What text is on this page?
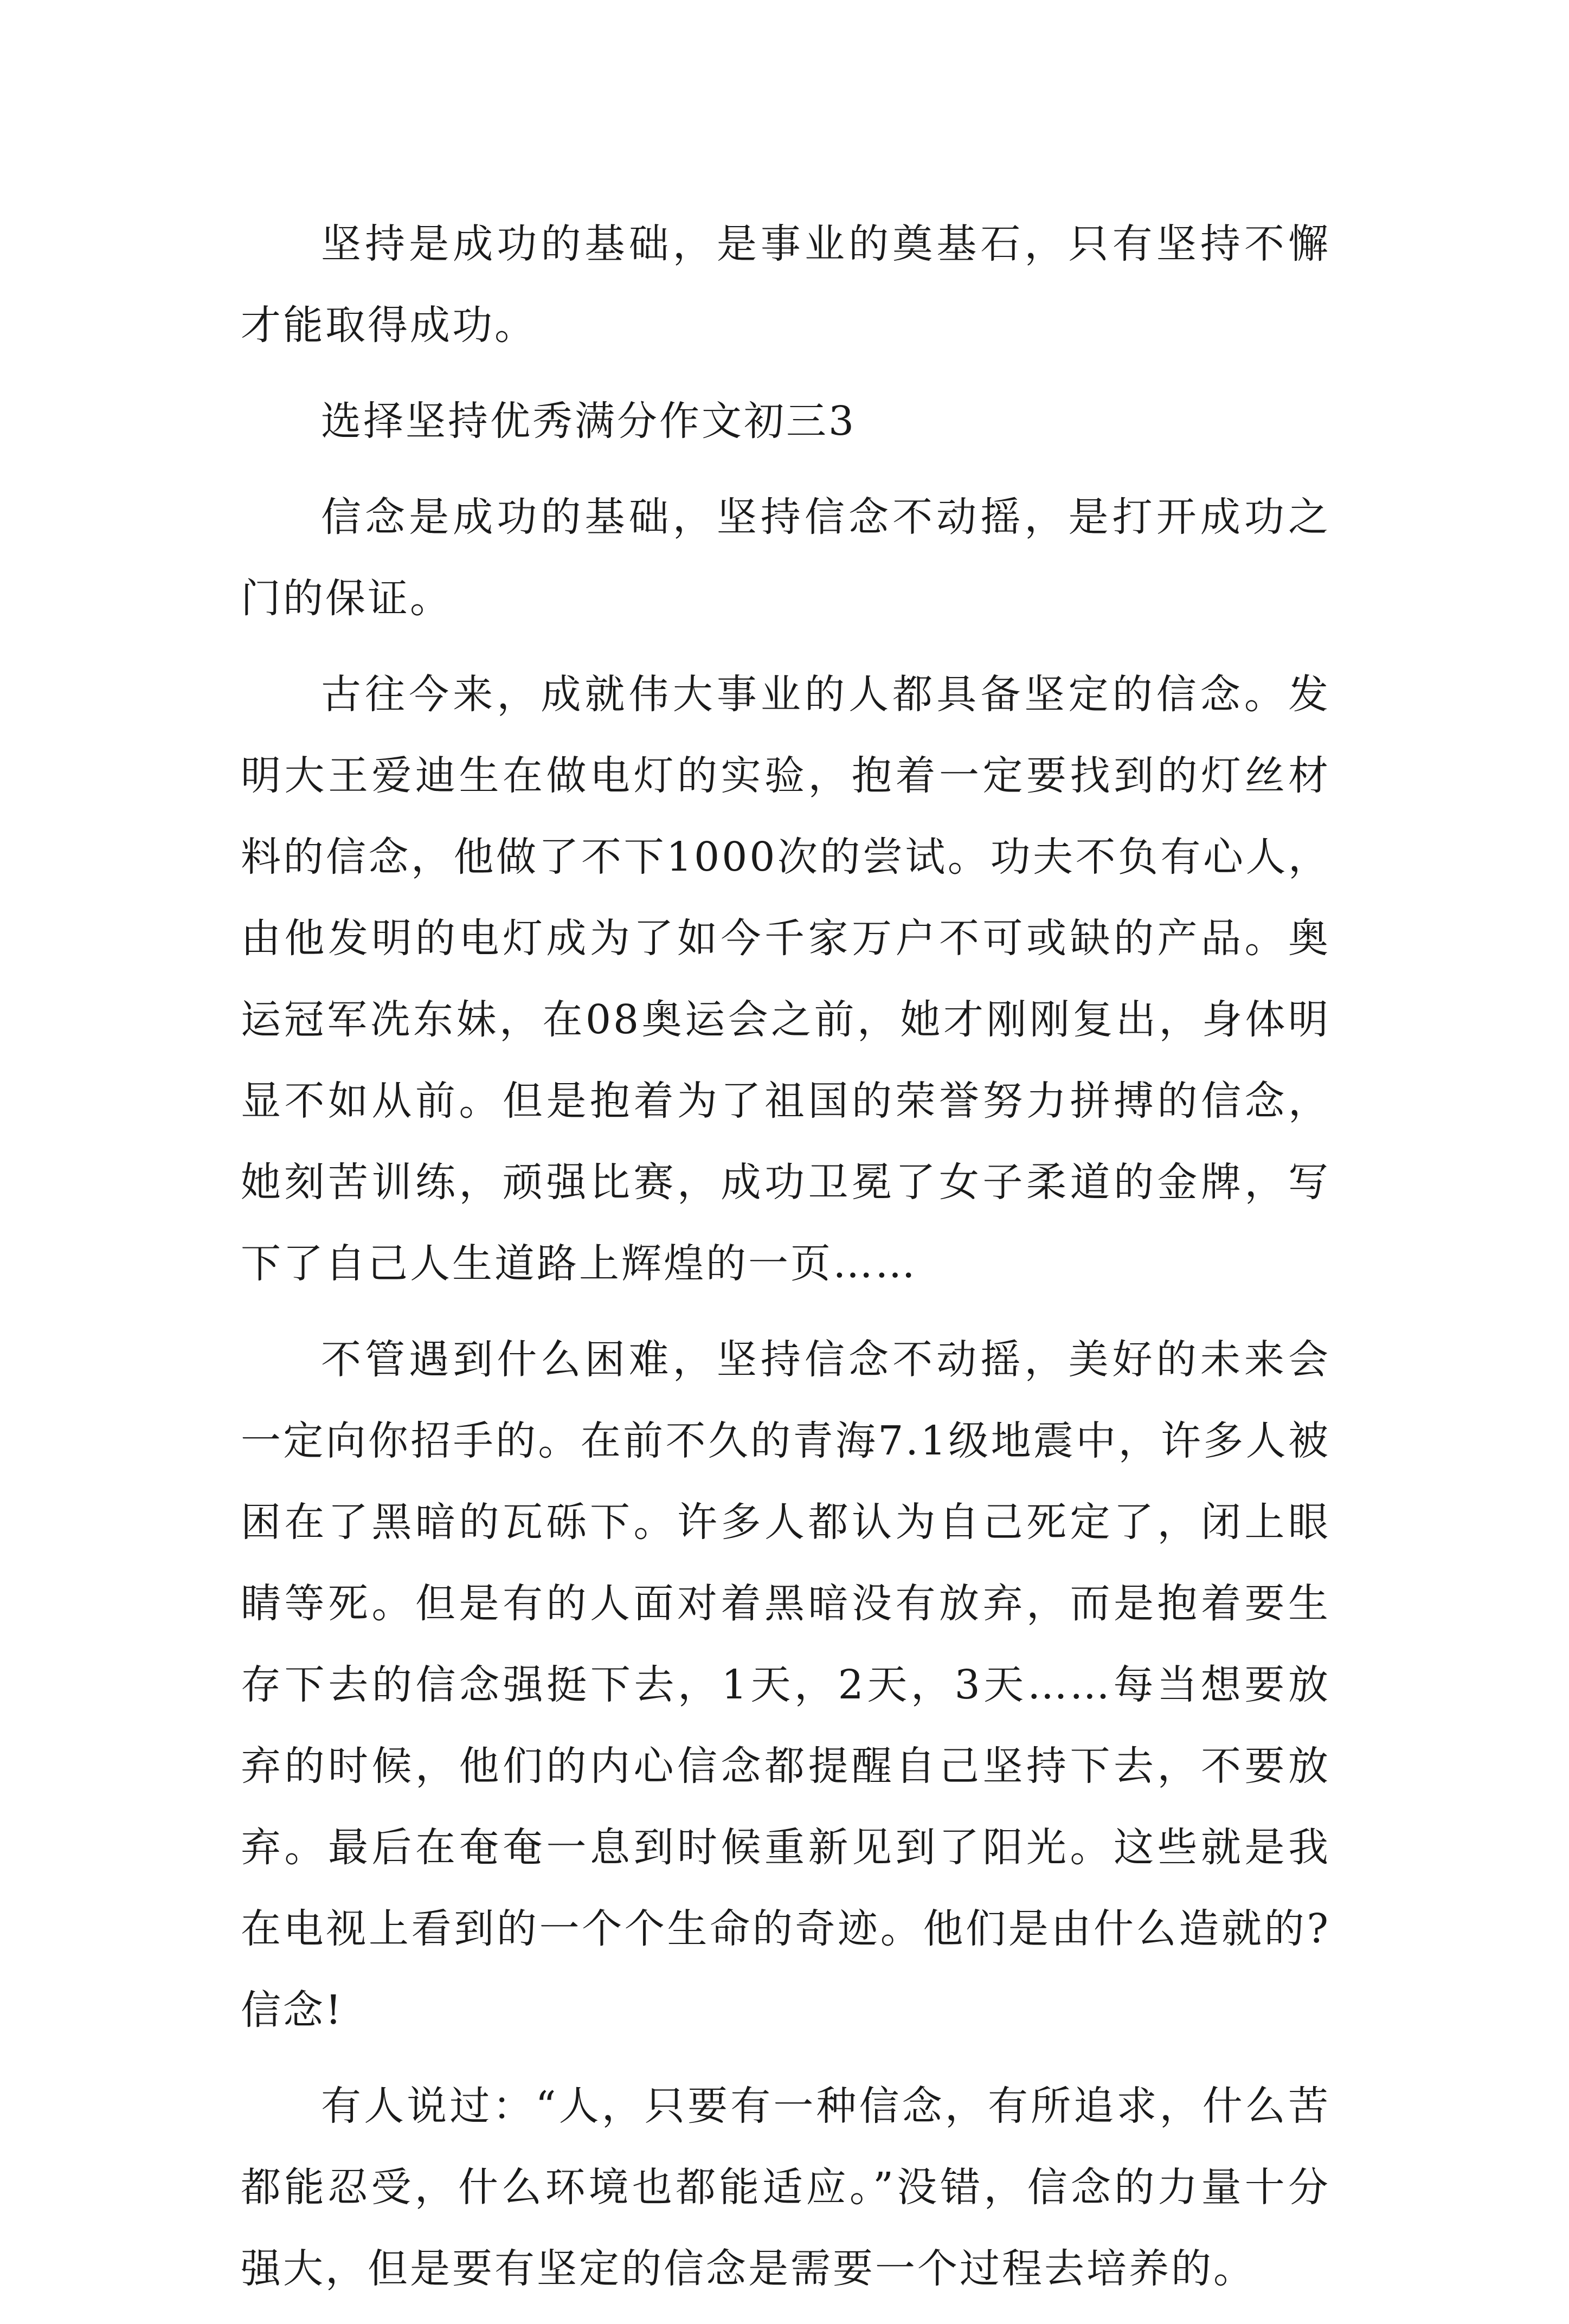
坚持是成功的基础，是事业的奠基石，只有坚持不懈才能取得成功。

选择坚持优秀满分作文初三3

信念是成功的基础，坚持信念不动摇，是打开成功之门的保证。

古往今来，成就伟大事业的人都具备坚定的信念。发明大王爱迪生在做电灯的实验，抱着一定要找到的灯丝材料的信念，他做了不下1000次的尝试。功夫不负有心人，由他发明的电灯成为了如今千家万户不可或缺的产品。奥运冠军冼东妹，在08奥运会之前，她才刚刚复出，身体明显不如从前。但是抱着为了祖国的荣誉努力拼搏的信念，她刻苦训练，顽强比赛，成功卫冕了女子柔道的金牌，写下了自己人生道路上辉煌的一页……

不管遇到什么困难，坚持信念不动摇，美好的未来会一定向你招手的。在前不久的青海7.1级地震中，许多人被困在了黑暗的瓦砾下。许多人都认为自己死定了，闭上眼睛等死。但是有的人面对着黑暗没有放弃，而是抱着要生存下去的信念强挺下去，1天，2天，3天……每当想要放弃的时候，他们的内心信念都提醒自己坚持下去，不要放弃。最后在奄奄一息到时候重新见到了阳光。这些就是我在电视上看到的一个个生命的奇迹。他们是由什么造就的?信念!

有人说过：“人，只要有一种信念，有所追求，什么苦都能忍受，什么环境也都能适应。”没错，信念的力量十分强大，但是要有坚定的信念是需要一个过程去培养的。
